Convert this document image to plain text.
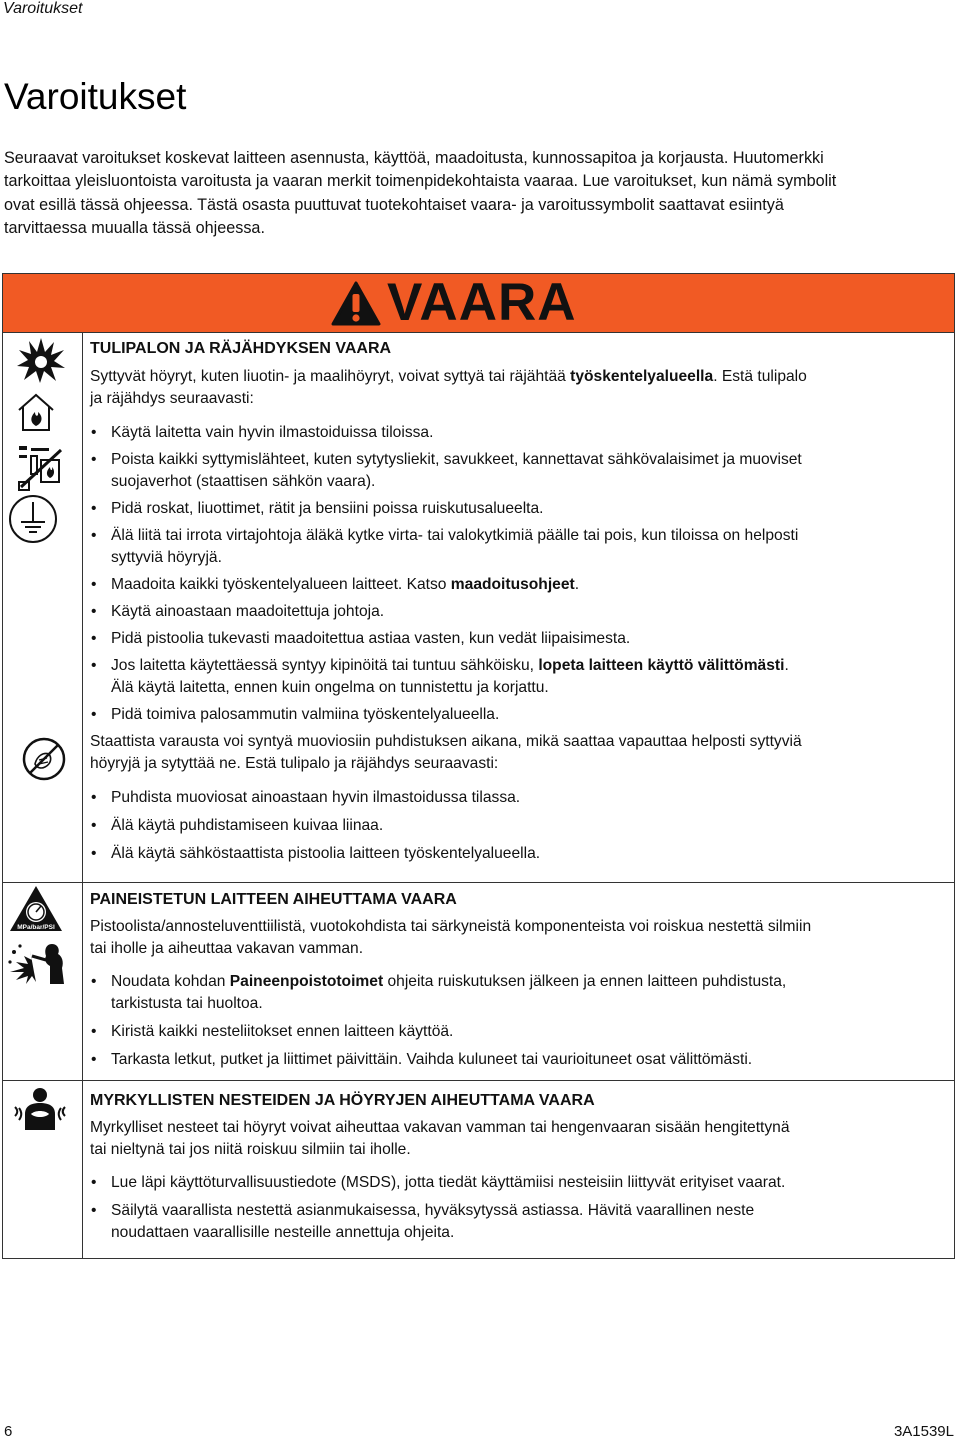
Varoitukset
Varoitukset
Seuraavat varoitukset koskevat laitteen asennusta, käyttöä, maadoitusta, kunnossapitoa ja korjausta. Huutomerkki
tarkoittaa yleisluontoista varoitusta ja vaaran merkit toimenpidekohtaista vaaraa. Lue varoitukset, kun nämä symbolit
ovat esillä tässä ohjeessa. Tästä osasta puuttuvat tuotekohtaiset vaara- ja varoitussymbolit saattavat esiintyä
tarvittaessa muualla tässä ohjeessa.
VAARA
MPa/bar/PSI

TULIPALON JA RÄJÄHDYKSEN VAARA

Syttyvät höyryt, kuten liuotin- ja maalihöyryt, voivat syttyä tai räjähtää työskentelyalueella. Estä tulipalo
ja räjähdys seuraavasti:

• Käytä laitetta vain hyvin ilmastoiduissa tiloissa.
• Poista kaikki syttymislähteet, kuten sytytysliekit, savukkeet, kannettavat sähkövalaisimet ja muoviset
suojaverhot (staattisen sähkön vaara).
• Pidä roskat, liuottimet, rätit ja bensiini poissa ruiskutusalueelta.
• Älä liitä tai irrota virtajohtoja äläkä kytke virta- tai valokytkimiä päälle tai pois, kun tiloissa on helposti
syttyviä höyryjä.
• Maadoita kaikki työskentelyalueen laitteet. Katso maadoitusohjeet.
• Käytä ainoastaan maadoitettuja johtoja.
• Pidä pistoolia tukevasti maadoitettua astiaa vasten, kun vedät liipaisimesta.
• Jos laitetta käytettäessä syntyy kipinöitä tai tuntuu sähköisku, lopeta laitteen käyttö välittömästi.
Älä käytä laitetta, ennen kuin ongelma on tunnistettu ja korjattu.
• Pidä toimiva palosammutin valmiina työskentelyalueella.

Staattista varausta voi syntyä muoviosiin puhdistuksen aikana, mikä saattaa vapauttaa helposti syttyviä
höyryjä ja sytyttää ne. Estä tulipalo ja räjähdys seuraavasti:

• Puhdista muoviosat ainoastaan hyvin ilmastoidussa tilassa.
• Älä käytä puhdistamiseen kuivaa liinaa.
• Älä käytä sähköstaattista pistoolia laitteen työskentelyalueella.

PAINEISTETUN LAITTEEN AIHEUTTAMA VAARA

Pistoolista/annosteluventtiilistä, vuotokohdista tai särkyneistä komponenteista voi roiskua nestettä silmiin
tai iholle ja aiheuttaa vakavan vamman.

• Noudata kohdan Paineenpoistotoimet ohjeita ruiskutuksen jälkeen ja ennen laitteen puhdistusta,
tarkistusta tai huoltoa.
• Kiristä kaikki nesteliitokset ennen laitteen käyttöä.
• Tarkasta letkut, putket ja liittimet päivittäin. Vaihda kuluneet tai vaurioituneet osat välittömästi.

MYRKYLLISTEN NESTEIDEN JA HÖYRYJEN AIHEUTTAMA VAARA

Myrkylliset nesteet tai höyryt voivat aiheuttaa vakavan vamman tai hengenvaaran sisään hengitettynä
tai nieltynä tai jos niitä roiskuu silmiin tai iholle.

• Lue läpi käyttöturvallisuustiedote (MSDS), jotta tiedät käyttämiisi nesteisiin liittyvät erityiset vaarat.
• Säilytä vaarallista nestettä asianmukaisessa, hyväksytyssä astiassa. Hävitä vaarallinen neste
noudattaen vaarallisille nesteille annettuja ohjeita.
6	3A1539L
